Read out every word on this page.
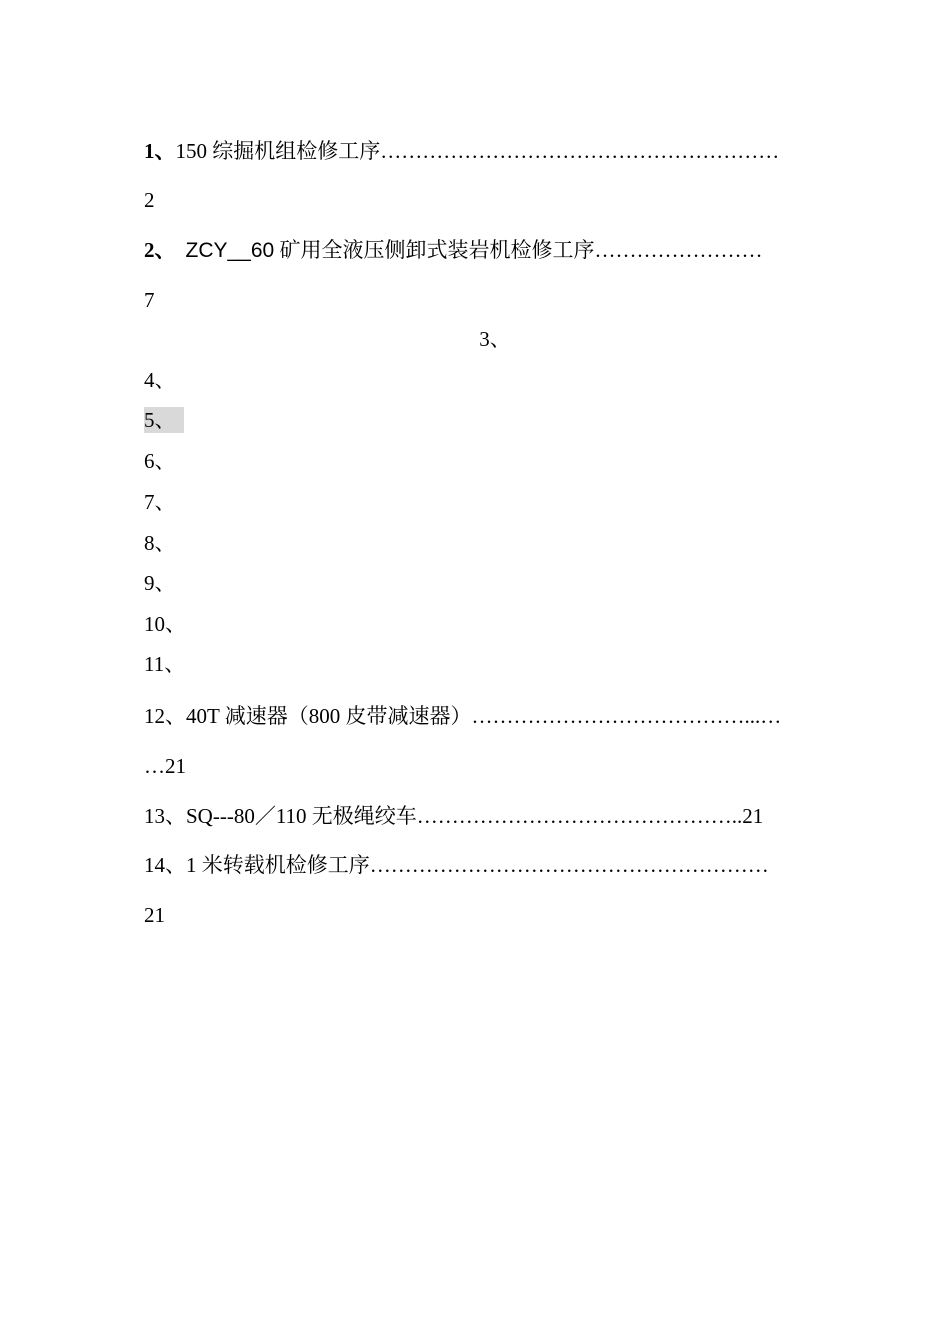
1、150 综掘机组检修工序…………………………………………………
2
2、 ZCY__60 矿用全液压侧卸式装岩机检修工序……………………
7
3、
4、
5、
6、
7、
8、
9、
10、
11、
12、40T 减速器（800 皮带减速器）…………………………………...…
…21
13、SQ---80／110 无极绳绞车………………………………………..21
14、1 米转载机检修工序…………………………………………………
21
